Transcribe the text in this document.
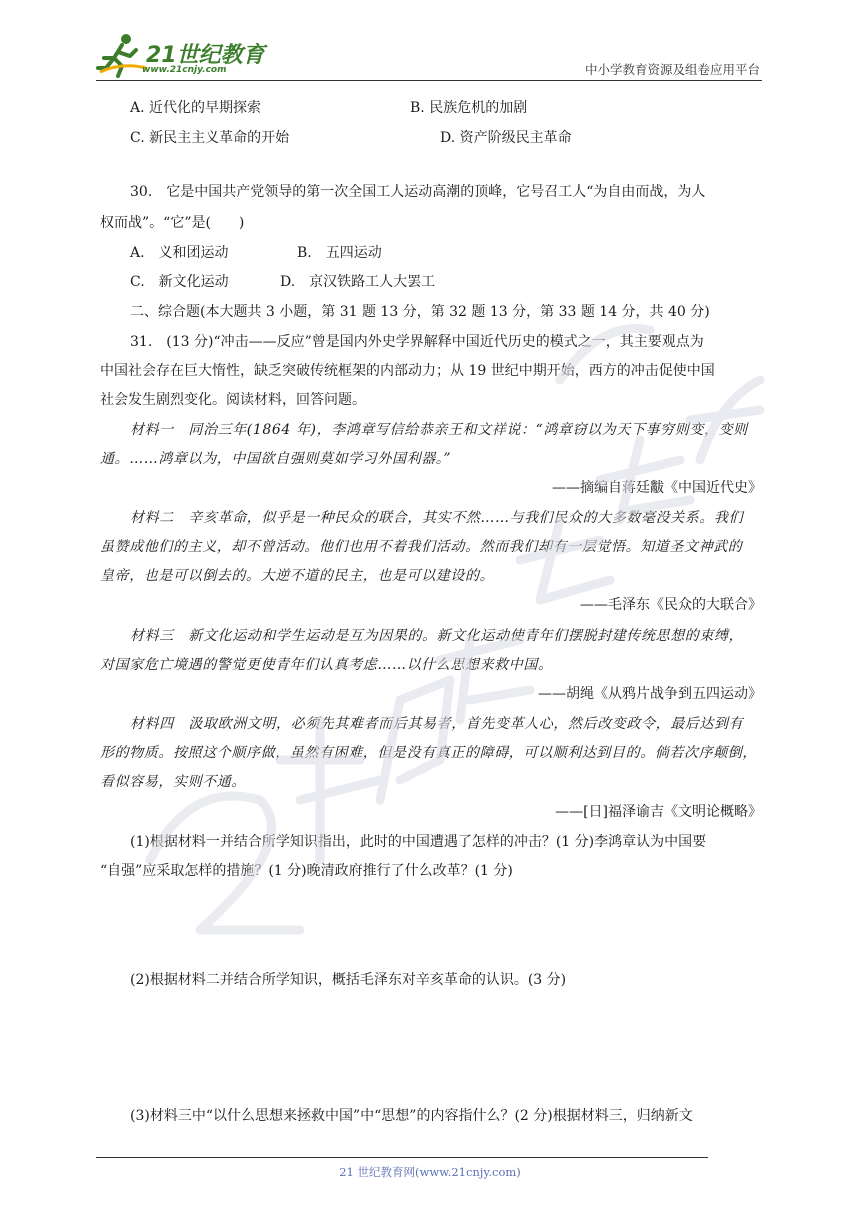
21世纪教育
www.21cnjy.com	中小学教育资源及组卷应用平台
A. 近代化的早期探索	B. 民族危机的加剧
C. 新民主主义革命的开始	D. 资产阶级民主革命
30.　它是中国共产党领导的第一次全国工人运动高潮的顶峰，它号召工人“为自由而战，为人
权而战”。“它”是(　　)
A.　义和团运动	B.　五四运动
C.　新文化运动	D.　京汉铁路工人大罢工
二、综合题(本大题共 3 小题，第 31 题 13 分，第 32 题 13 分，第 33 题 14 分，共 40 分)
31.　(13 分)“冲击——反应”曾是国内外史学界解释中国近代历史的模式之一，其主要观点为
中国社会存在巨大惰性，缺乏突破传统框架的内部动力；从 19 世纪中期开始，西方的冲击促使中国
社会发生剧烈变化。阅读材料，回答问题。
材料一　同治三年(1864 年)，李鸿章写信给恭亲王和文祥说：“鸿章窃以为天下事穷则变，变则
通。……鸿章以为，中国欲自强则莫如学习外国利器。”
——摘编自蒋廷黻《中国近代史》
材料二　辛亥革命，似乎是一种民众的联合，其实不然……与我们民众的大多数毫没关系。我们
虽赞成他们的主义，却不曾活动。他们也用不着我们活动。然而我们却有一层觉悟。知道圣文神武的
皇帝，也是可以倒去的。大逆不道的民主，也是可以建设的。
——毛泽东《民众的大联合》
材料三　新文化运动和学生运动是互为因果的。新文化运动使青年们摆脱封建传统思想的束缚，
对国家危亡境遇的警觉更使青年们认真考虑……以什么思想来救中国。
——胡绳《从鸦片战争到五四运动》
材料四　汲取欧洲文明，必须先其难者而后其易者，首先变革人心，然后改变政令，最后达到有
形的物质。按照这个顺序做，虽然有困难，但是没有真正的障碍，可以顺利达到目的。倘若次序颠倒，
看似容易，实则不通。
——[日]福泽谕吉《文明论概略》
(1)根据材料一并结合所学知识指出，此时的中国遭遇了怎样的冲击？(1 分)李鸿章认为中国要
“自强”应采取怎样的措施？(1 分)晚清政府推行了什么改革？(1 分)
(2)根据材料二并结合所学知识，概括毛泽东对辛亥革命的认识。(3 分)
(3)材料三中“以什么思想来拯救中国”中“思想”的内容指什么？(2 分)根据材料三，归纳新文
21 世纪教育网(www.21cnjy.com)
